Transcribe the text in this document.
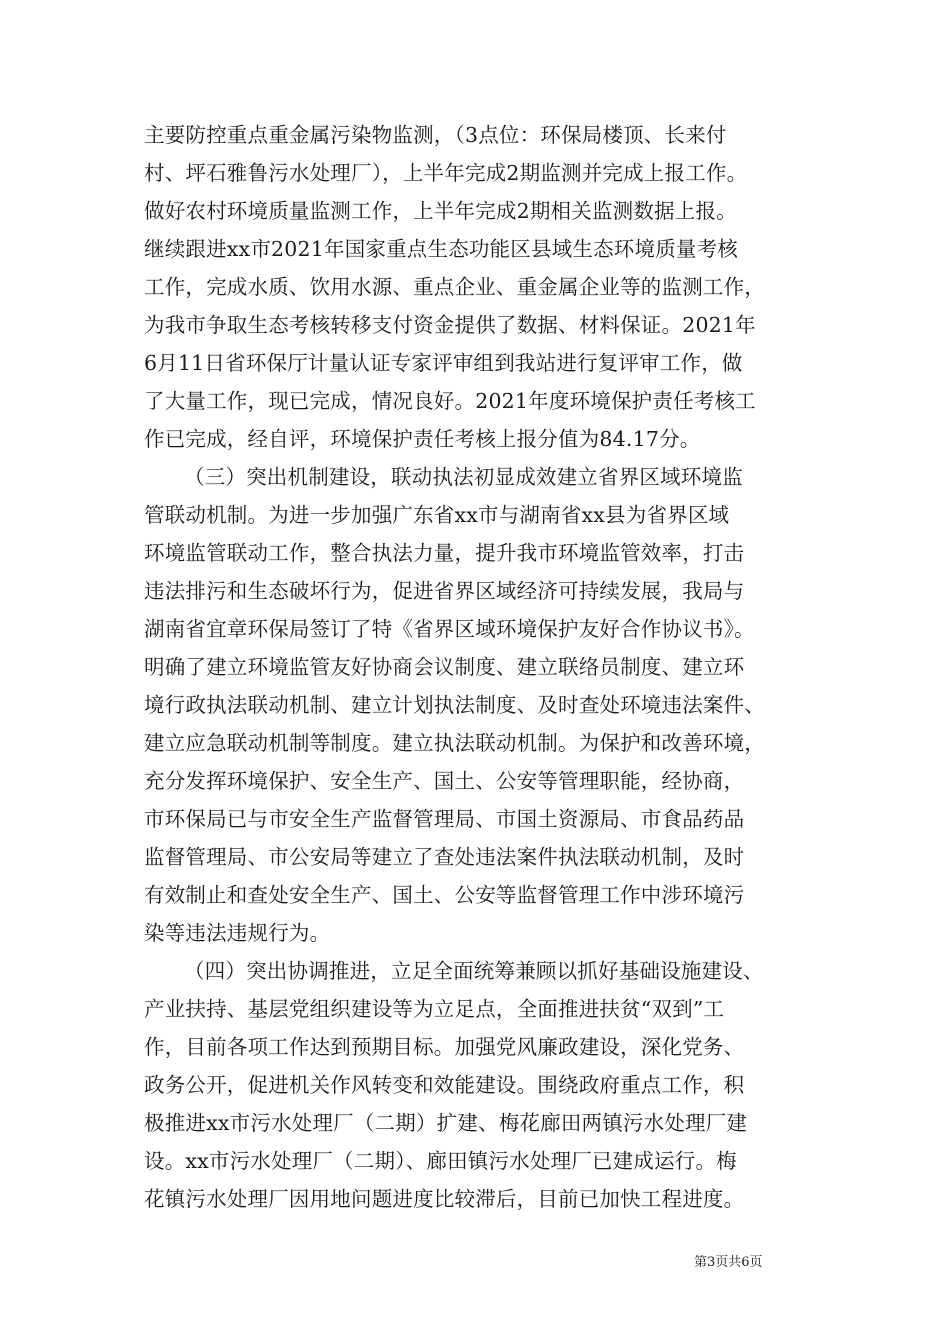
主要防控重点重金属污染物监测，（3点位：环保局楼顶、长来付
村、坪石雅鲁污水处理厂），上半年完成2期监测并完成上报工作。
做好农村环境质量监测工作，上半年完成2期相关监测数据上报。
继续跟进xx市2021年国家重点生态功能区县域生态环境质量考核
工作，完成水质、饮用水源、重点企业、重金属企业等的监测工作，
为我市争取生态考核转移支付资金提供了数据、材料保证。2021年
6月11日省环保厅计量认证专家评审组到我站进行复评审工作，做
了大量工作，现已完成，情况良好。2021年度环境保护责任考核工
作已完成，经自评，环境保护责任考核上报分值为84.17分。
（三）突出机制建设，联动执法初显成效建立省界区域环境监
管联动机制。为进一步加强广东省xx市与湖南省xx县为省界区域
环境监管联动工作，整合执法力量，提升我市环境监管效率，打击
违法排污和生态破坏行为，促进省界区域经济可持续发展，我局与
湖南省宜章环保局签订了特《省界区域环境保护友好合作协议书》。
明确了建立环境监管友好协商会议制度、建立联络员制度、建立环
境行政执法联动机制、建立计划执法制度、及时查处环境违法案件、
建立应急联动机制等制度。建立执法联动机制。为保护和改善环境，
充分发挥环境保护、安全生产、国土、公安等管理职能，经协商，
市环保局已与市安全生产监督管理局、市国土资源局、市食品药品
监督管理局、市公安局等建立了查处违法案件执法联动机制，及时
有效制止和查处安全生产、国土、公安等监督管理工作中涉环境污
染等违法违规行为。
（四）突出协调推进，立足全面统筹兼顾以抓好基础设施建设、
产业扶持、基层党组织建设等为立足点，全面推进扶贫“双到”工
作，目前各项工作达到预期目标。加强党风廉政建设，深化党务、
政务公开，促进机关作风转变和效能建设。围绕政府重点工作，积
极推进xx市污水处理厂（二期）扩建、梅花廊田两镇污水处理厂建
设。xx市污水处理厂（二期）、廊田镇污水处理厂已建成运行。梅
花镇污水处理厂因用地问题进度比较滞后，目前已加快工程进度。
第3页共6页
